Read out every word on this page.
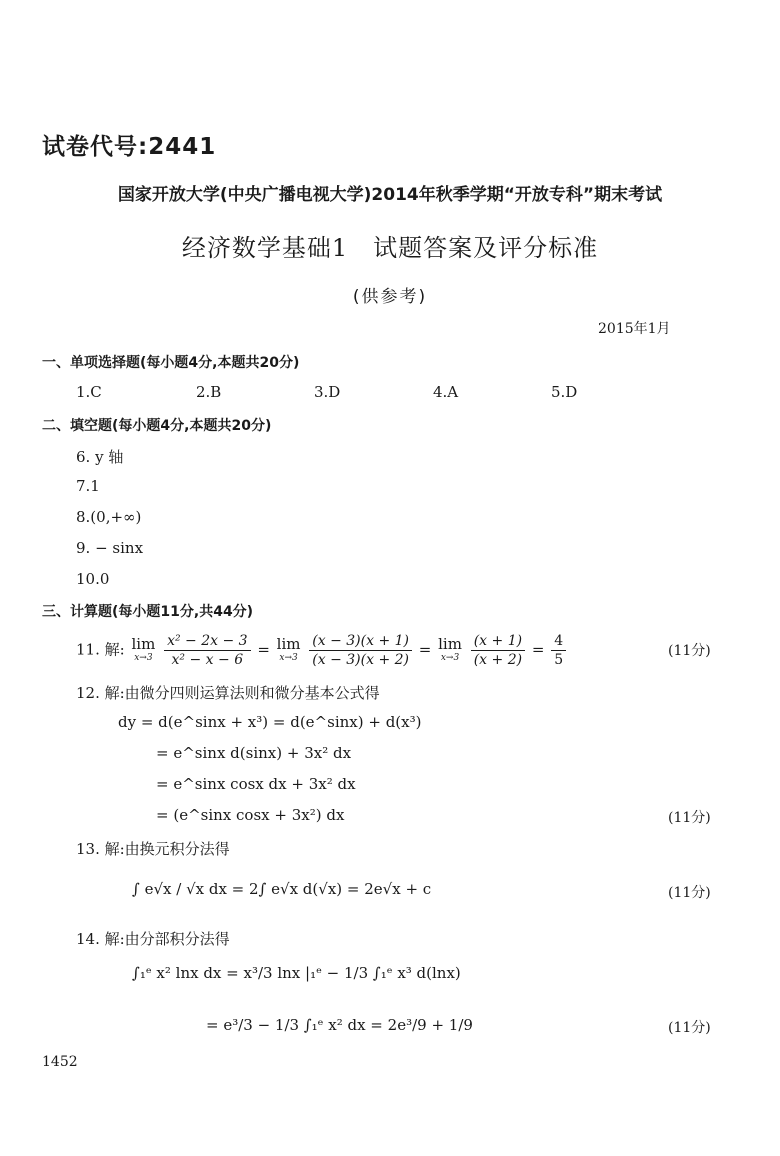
试卷代号:2441
国家开放大学(中央广播电视大学)2014年秋季学期“开放专科”期末考试
经济数学基础1　试题答案及评分标准
(供参考)
2015年1月
一、单项选择题(每小题4分,本题共20分)
1.C	2.B	3.D	4.A	5.D
二、填空题(每小题4分,本题共20分)
6. y 轴
7.1
8.(0,+∞)
9. − sinx
10.0
三、计算题(每小题11分,共44分)
11. 解: lim
x→3
$\frac{\text{x² − 2x − 3}}{\text{x² − x − 6}} = \lim$
x→3
$\frac{(x - 3)(x + 1)}{(x - 3)(x + 2)} = \lim$
x→3
$\frac{(x + 1)}{(x + 2)} = \frac{4}{5}$	(11分)
12. 解:由微分四则运算法则和微分基本公式得
dy = d(e^sinx + x³) = d(e^sinx) + d(x³)
= e^sinx d(sinx) + 3x² dx
= e^sinx cosx dx + 3x² dx
= (e^sinx cosx + 3x²) dx	(11分)
13. 解:由换元积分法得
∫ e√x / √x dx = 2∫ e√x d(√x) = 2e√x + c	(11分)
14. 解:由分部积分法得
∫₁ᵉ x² lnx dx = x³/3 lnx |₁ᵉ − 1/3 ∫₁ᵉ x³ d(lnx)
= e³/3 − 1/3 ∫₁ᵉ x² dx = 2e³/9 + 1/9	(11分)
1452
